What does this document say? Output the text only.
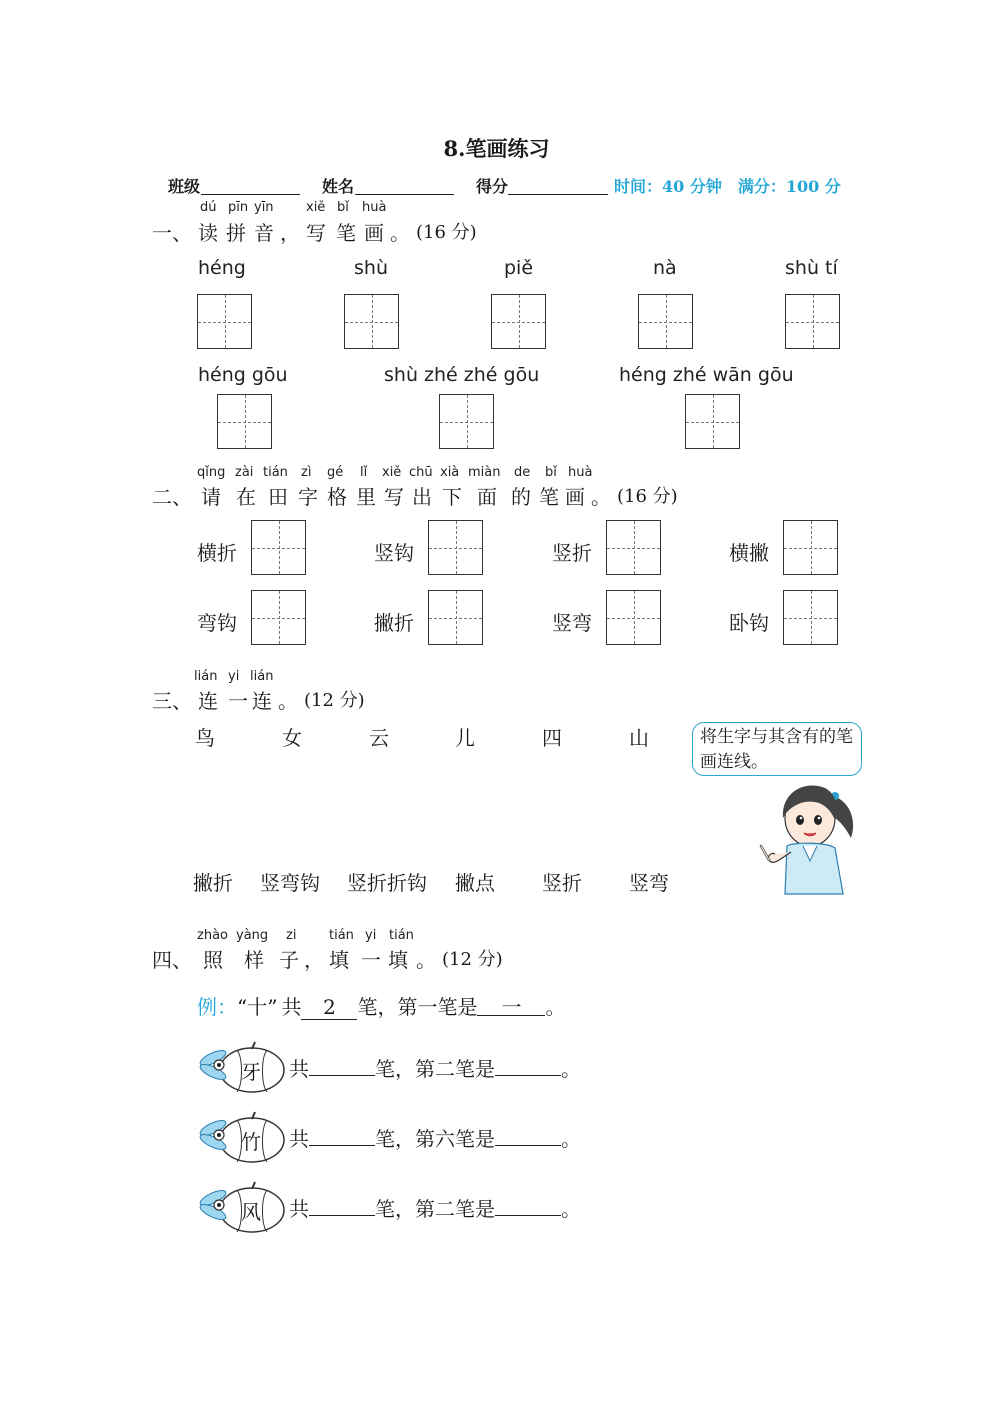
8.笔画练习
班级	姓名	得分	时间：40 分钟　满分：100 分
dú pīn yīn xiě bǐ huà
一、 读 拼 音 ， 写 笔 画 。 (16 分)
héng	shù	piě	nà	shù tí
héng gōu	shù zhé zhé gōu	héng zhé wān gōu
qǐng zài tián zì gé lǐ xiě chū xià miàn de bǐ huà
二、 请 在 田 字 格 里 写 出 下 面 的 笔 画 。 (16 分)
横折	竖钩	竖折	横撇
弯钩	撇折	竖弯	卧钩
lián yi lián
三、 连 一 连 。 (12 分)
鸟	女	云	儿	四	山	将生字与其含有的笔画连线。
撇折 竖弯钩 竖折折钩 撇点 竖折 竖弯
zhào yàng zi	tián yi tián
四、 照 样 子 ， 填 一 填 。 (12 分)
例：“十” 共 2 笔，第一笔是 一 。
牙 共	笔，第二笔是	。
竹 共	笔，第六笔是	。
风 共	笔，第二笔是	。
